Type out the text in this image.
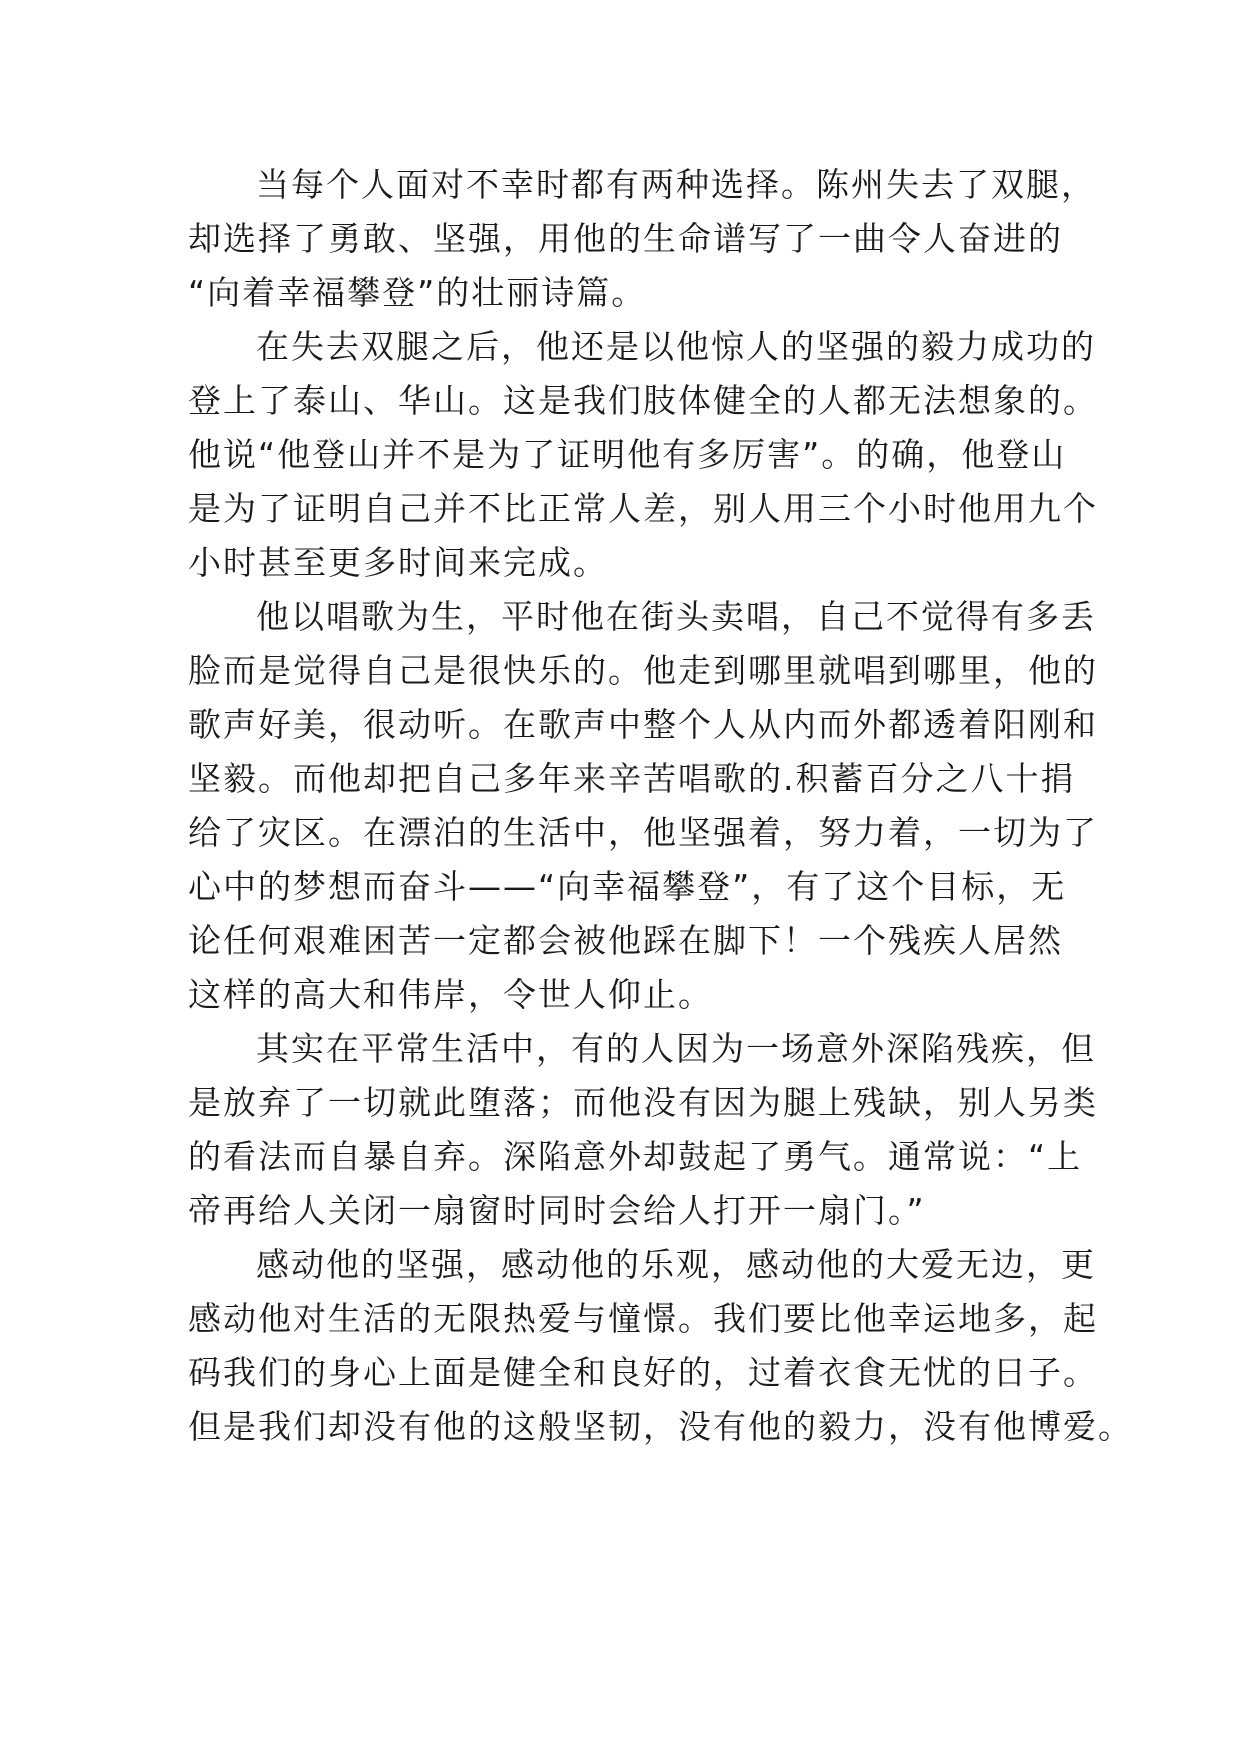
当每个人面对不幸时都有两种选择。陈州失去了双腿，
却选择了勇敢、坚强，用他的生命谱写了一曲令人奋进的
“向着幸福攀登”的壮丽诗篇。
在失去双腿之后，他还是以他惊人的坚强的毅力成功的
登上了泰山、华山。这是我们肢体健全的人都无法想象的。
他说“他登山并不是为了证明他有多厉害”。的确，他登山
是为了证明自己并不比正常人差，别人用三个小时他用九个
小时甚至更多时间来完成。
他以唱歌为生，平时他在街头卖唱，自己不觉得有多丢
脸而是觉得自己是很快乐的。他走到哪里就唱到哪里，他的
歌声好美，很动听。在歌声中整个人从内而外都透着阳刚和
坚毅。而他却把自己多年来辛苦唱歌的.积蓄百分之八十捐
给了灾区。在漂泊的生活中，他坚强着，努力着，一切为了
心中的梦想而奋斗——“向幸福攀登”，有了这个目标，无
论任何艰难困苦一定都会被他踩在脚下！一个残疾人居然
这样的高大和伟岸，令世人仰止。
其实在平常生活中，有的人因为一场意外深陷残疾，但
是放弃了一切就此堕落；而他没有因为腿上残缺，别人另类
的看法而自暴自弃。深陷意外却鼓起了勇气。通常说：“上
帝再给人关闭一扇窗时同时会给人打开一扇门。”
感动他的坚强，感动他的乐观，感动他的大爱无边，更
感动他对生活的无限热爱与憧憬。我们要比他幸运地多，起
码我们的身心上面是健全和良好的，过着衣食无忧的日子。
但是我们却没有他的这般坚韧，没有他的毅力，没有他博爱。
